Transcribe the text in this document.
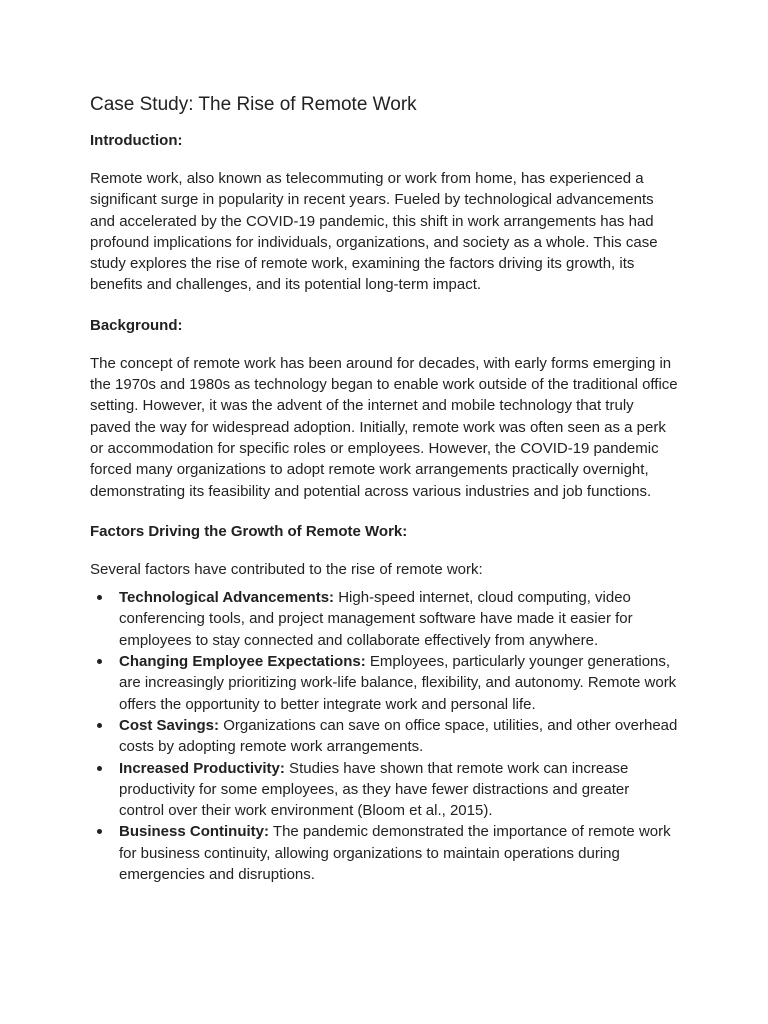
Case Study: The Rise of Remote Work
Introduction:

Remote work, also known as telecommuting or work from home, has experienced a significant surge in popularity in recent years. Fueled by technological advancements and accelerated by the COVID-19 pandemic, this shift in work arrangements has had profound implications for individuals, organizations, and society as a whole. This case study explores the rise of remote work, examining the factors driving its growth, its benefits and challenges, and its potential long-term impact.

Background:

The concept of remote work has been around for decades, with early forms emerging in the 1970s and 1980s as technology began to enable work outside of the traditional office setting. However, it was the advent of the internet and mobile technology that truly paved the way for widespread adoption. Initially, remote work was often seen as a perk or accommodation for specific roles or employees. However, the COVID-19 pandemic forced many organizations to adopt remote work arrangements practically overnight, demonstrating its feasibility and potential across various industries and job functions.

Factors Driving the Growth of Remote Work:

Several factors have contributed to the rise of remote work:

Technological Advancements: High-speed internet, cloud computing, video conferencing tools, and project management software have made it easier for employees to stay connected and collaborate effectively from anywhere.
Changing Employee Expectations: Employees, particularly younger generations, are increasingly prioritizing work-life balance, flexibility, and autonomy. Remote work offers the opportunity to better integrate work and personal life.
Cost Savings: Organizations can save on office space, utilities, and other overhead costs by adopting remote work arrangements.
Increased Productivity: Studies have shown that remote work can increase productivity for some employees, as they have fewer distractions and greater control over their work environment (Bloom et al., 2015).
Business Continuity: The pandemic demonstrated the importance of remote work for business continuity, allowing organizations to maintain operations during emergencies and disruptions.
